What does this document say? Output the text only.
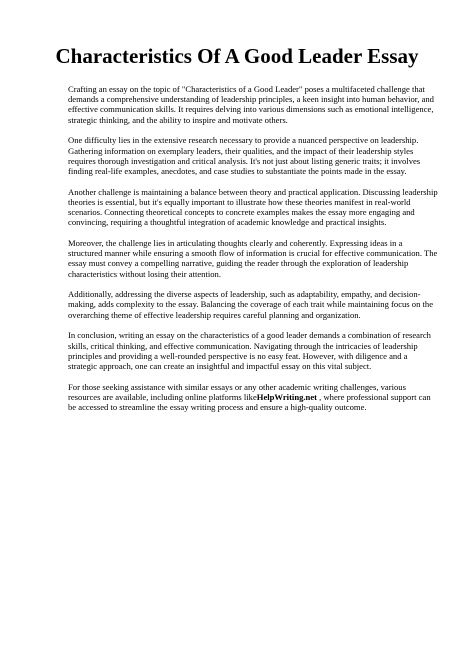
Characteristics Of A Good Leader Essay

Crafting an essay on the topic of "Characteristics of a Good Leader" poses a multifaceted challenge that demands a comprehensive understanding of leadership principles, a keen insight into human behavior, and effective communication skills. It requires delving into various dimensions such as emotional intelligence, strategic thinking, and the ability to inspire and motivate others.

One difficulty lies in the extensive research necessary to provide a nuanced perspective on leadership. Gathering information on exemplary leaders, their qualities, and the impact of their leadership styles requires thorough investigation and critical analysis. It's not just about listing generic traits; it involves finding real-life examples, anecdotes, and case studies to substantiate the points made in the essay.

Another challenge is maintaining a balance between theory and practical application. Discussing leadership theories is essential, but it's equally important to illustrate how these theories manifest in real-world scenarios. Connecting theoretical concepts to concrete examples makes the essay more engaging and convincing, requiring a thoughtful integration of academic knowledge and practical insights.

Moreover, the challenge lies in articulating thoughts clearly and coherently. Expressing ideas in a structured manner while ensuring a smooth flow of information is crucial for effective communication. The essay must convey a compelling narrative, guiding the reader through the exploration of leadership characteristics without losing their attention.

Additionally, addressing the diverse aspects of leadership, such as adaptability, empathy, and decision-making, adds complexity to the essay. Balancing the coverage of each trait while maintaining focus on the overarching theme of effective leadership requires careful planning and organization.

In conclusion, writing an essay on the characteristics of a good leader demands a combination of research skills, critical thinking, and effective communication. Navigating through the intricacies of leadership principles and providing a well-rounded perspective is no easy feat. However, with diligence and a strategic approach, one can create an insightful and impactful essay on this vital subject.

For those seeking assistance with similar essays or any other academic writing challenges, various resources are available, including online platforms likeHelpWriting.net , where professional support can be accessed to streamline the essay writing process and ensure a high-quality outcome.
